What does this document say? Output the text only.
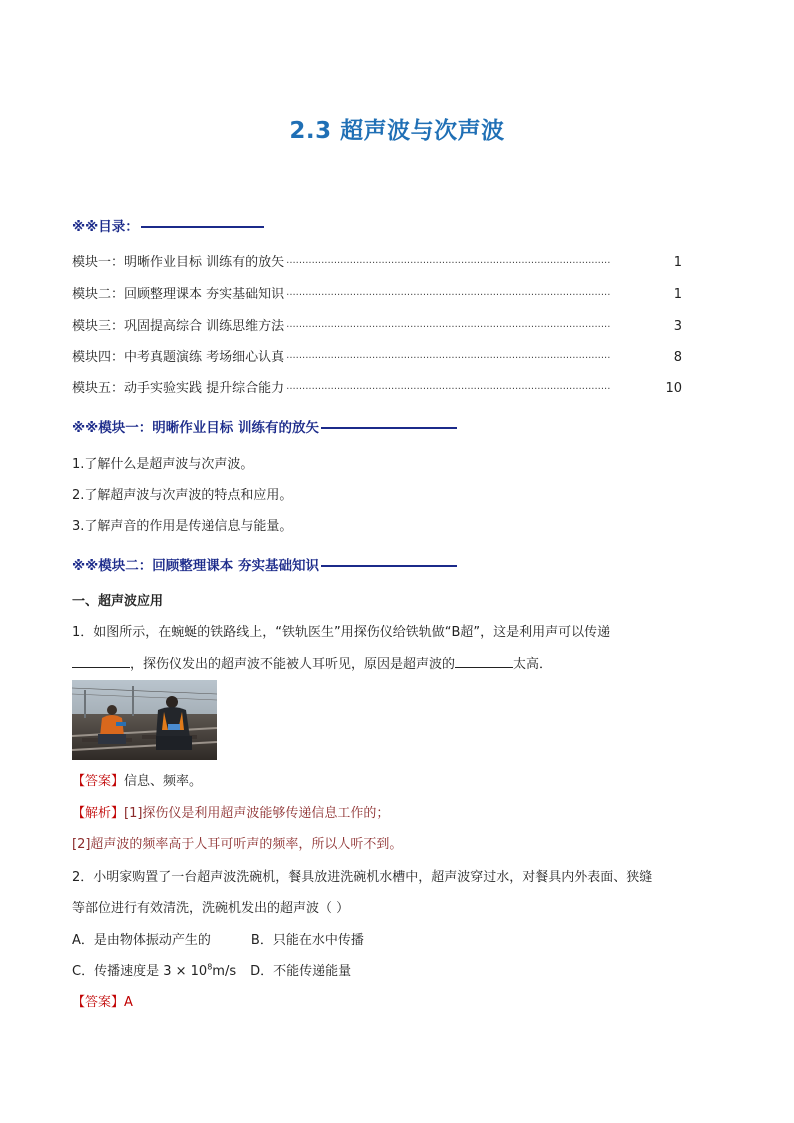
2.3 超声波与次声波
※※目录：
模块一：明晰作业目标 训练有的放矢 ······································································································	1
模块二：回顾整理课本 夯实基础知识 ······································································································	1
模块三：巩固提高综合 训练思维方法 ······································································································	3
模块四：中考真题演练 考场细心认真 ······································································································	8
模块五：动手实验实践 提升综合能力 ······································································································	10
※※模块一：明晰作业目标 训练有的放矢
1.了解什么是超声波与次声波。
2.了解超声波与次声波的特点和应用。
3.了解声音的作用是传递信息与能量。
※※模块二：回顾整理课本 夯实基础知识
一、超声波应用
1．如图所示，在蜿蜒的铁路线上，“铁轨医生”用探伤仪给铁轨做“B超”，这是利用声可以传递
，探伤仪发出的超声波不能被人耳听见，原因是超声波的	太高．
【答案】信息、频率。
【解析】[1]探伤仪是利用超声波能够传递信息工作的；
[2]超声波的频率高于人耳可听声的频率，所以人听不到。
2．小明家购置了一台超声波洗碗机，餐具放进洗碗机水槽中，超声波穿过水，对餐具内外表面、狭缝
等部位进行有效清洗，洗碗机发出的超声波（ ）
A．是由物体振动产生的	B．只能在水中传播
C．传播速度是 $3 \times 10^8m/s$ D．不能传递能量
【答案】A
